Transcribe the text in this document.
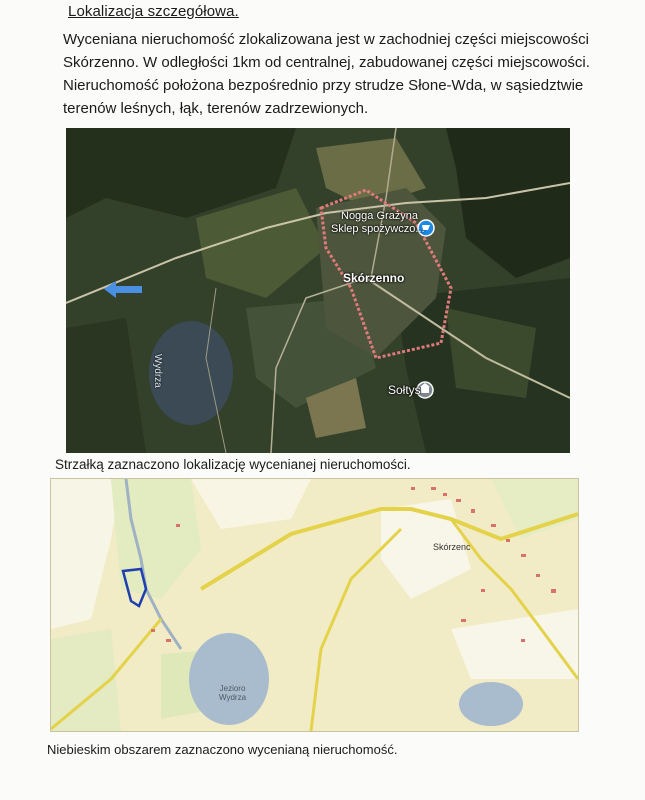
Lokalizacja szczegółowa.
Wyceniana nieruchomość zlokalizowana jest w zachodniej części miejscowości
Skórzenno. W odległości 1km od centralnej, zabudowanej części miejscowości.
Nieruchomość położona bezpośrednio przy strudze Słone-Wda, w sąsiedztwie
terenów leśnych, łąk, terenów zadrzewionych.
Nogga Grażyna
Sklep spożywczo...
Skórzenno
Sołtys
Wydrza
Strzałką zaznaczono lokalizację wycenianej nieruchomości.
Skórzenc
Jezioro
Wydrza
Niebieskim obszarem zaznaczono wycenianą nieruchomość.
